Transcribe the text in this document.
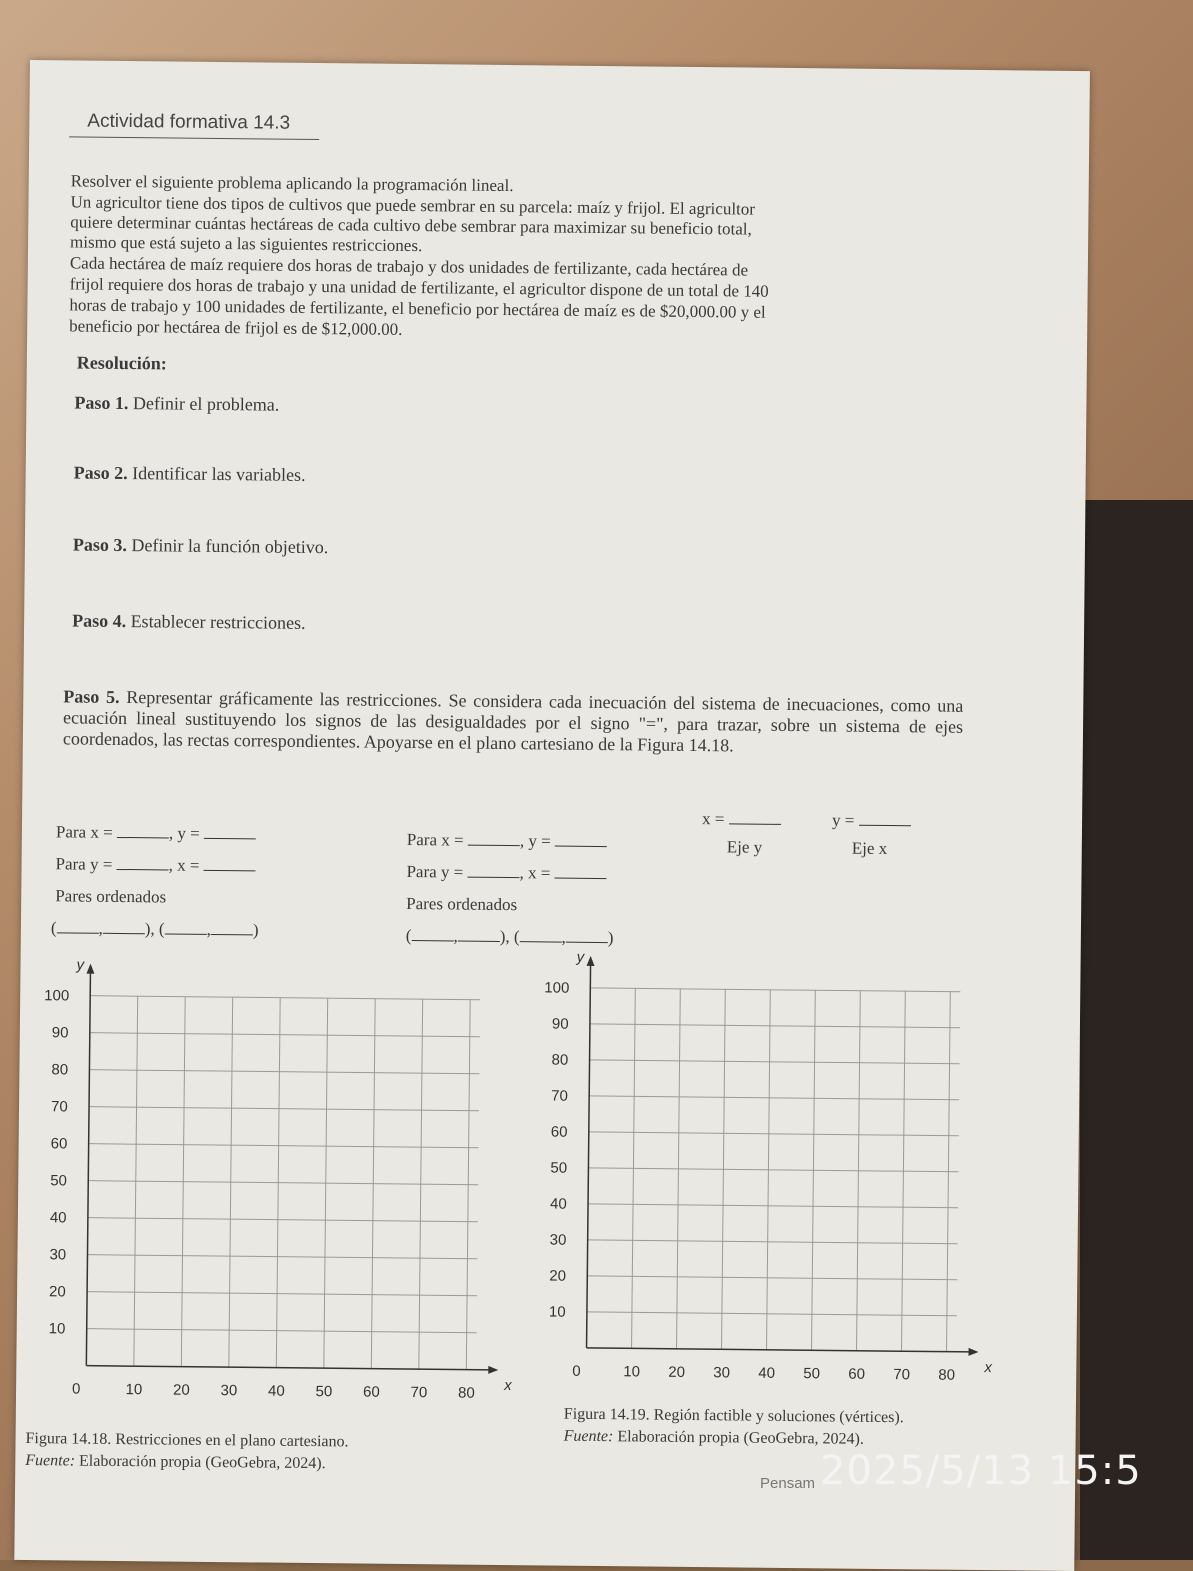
Actividad formativa 14.3
Resolver el siguiente problema aplicando la programación lineal.
Un agricultor tiene dos tipos de cultivos que puede sembrar en su parcela: maíz y frijol. El agricultor
quiere determinar cuántas hectáreas de cada cultivo debe sembrar para maximizar su beneficio total,
mismo que está sujeto a las siguientes restricciones.
Cada hectárea de maíz requiere dos horas de trabajo y dos unidades de fertilizante, cada hectárea de
frijol requiere dos horas de trabajo y una unidad de fertilizante, el agricultor dispone de un total de 140
horas de trabajo y 100 unidades de fertilizante, el beneficio por hectárea de maíz es de $20,000.00 y el
beneficio por hectárea de frijol es de $12,000.00.
Resolución:
Paso 1. Definir el problema.
Paso 2. Identificar las variables.
Paso 3. Definir la función objetivo.
Paso 4. Establecer restricciones.
Paso 5. Representar gráficamente las restricciones. Se considera cada inecuación del sistema de inecuaciones, como una ecuación lineal sustituyendo los signos de las desigualdades por el signo "=", para trazar, sobre un sistema de ejes coordenados, las rectas correspondientes. Apoyarse en el plano cartesiano de la Figura 14.18.
x =	y =
Eje y	Eje x
Para x =	, y =
Para y =	, x =
Pares ordenados
( , ), ( , )
Para x =	, y =
Para y =	, x =
Pares ordenados
( , ), ( , )
0	10 20 30 40 50 60 70 80
10
20
30
40
50
60
70
80
90
100
x
y
0	10 20 30 40 50 60 70 80
10
20
30
40
50
60
70
80
90
100
x
y
Figura 14.18. Restricciones en el plano cartesiano.
Fuente: Elaboración propia (GeoGebra, 2024).
Figura 14.19. Región factible y soluciones (vértices).
Fuente: Elaboración propia (GeoGebra, 2024).
Pensam 2025/5/13 15:5
